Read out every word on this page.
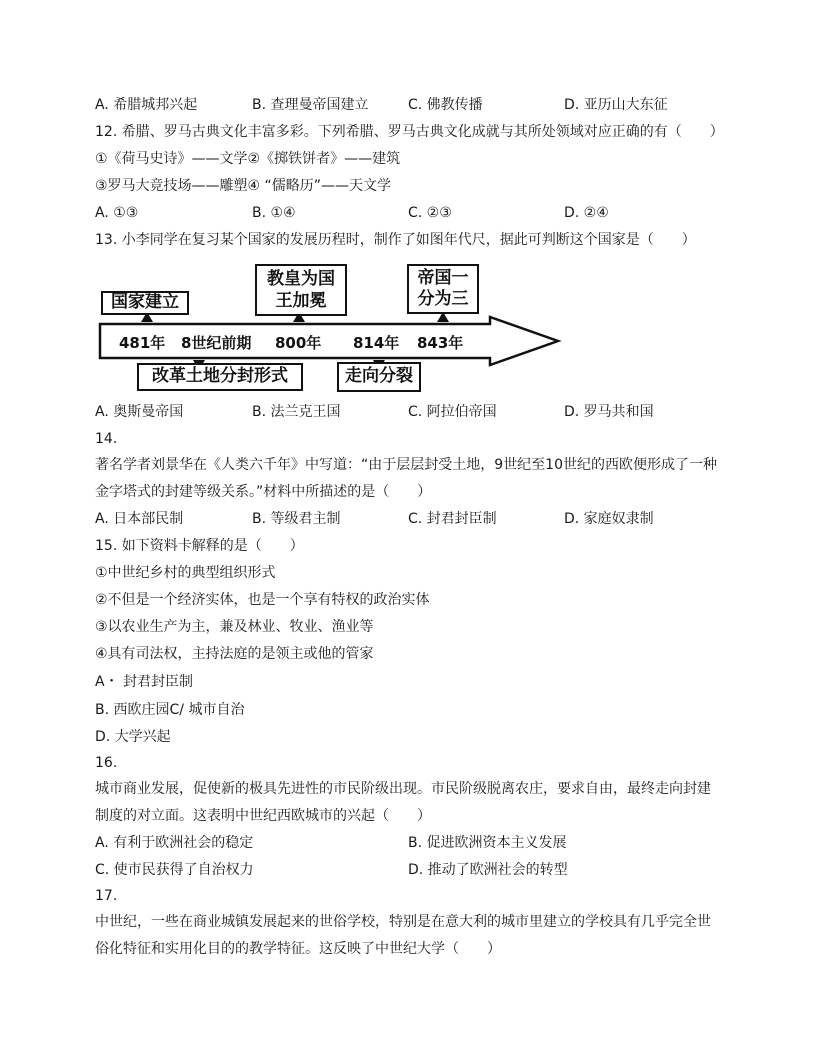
A. 希腊城邦兴起	B. 查理曼帝国建立	C. 佛教传播	D. 亚历山大东征
12. 希腊、罗马古典文化丰富多彩。下列希腊、罗马古典文化成就与其所处领域对应正确的有（　　）
①《荷马史诗》——文学②《掷铁饼者》——建筑
③罗马大竞技场——雕塑④ “儒略历”——天文学
A. ①③	B. ①④	C. ②③	D. ②④
13. 小李同学在复习某个国家的发展历程时，制作了如图年代尺，据此可判断这个国家是（　　）
国家建立
教皇为国王加冕
帝国一分为三
改革土地分封形式	走向分裂
481年 8世纪前期 800年 814年 843年
A. 奥斯曼帝国	B. 法兰克王国	C. 阿拉伯帝国	D. 罗马共和国
14.
著名学者刘景华在《人类六千年》中写道：“由于层层封受土地，9世纪至10世纪的西欧便形成了一种
金字塔式的封建等级关系。”材料中所描述的是（　　）
A. 日本部民制	B. 等级君主制	C. 封君封臣制	D. 家庭奴隶制
15. 如下资料卡解释的是（　　）
①中世纪乡村的典型组织形式
②不但是一个经济实体，也是一个享有特权的政治实体
③以农业生产为主，兼及林业、牧业、渔业等
④具有司法权，主持法庭的是领主或他的管家
A・ 封君封臣制
B. 西欧庄园C/ 城市自治
D. 大学兴起
16.
城市商业发展，促使新的极具先进性的市民阶级出现。市民阶级脱离农庄，要求自由，最终走向封建
制度的对立面。这表明中世纪西欧城市的兴起（　　）
A. 有利于欧洲社会的稳定	B. 促进欧洲资本主义发展
C. 使市民获得了自治权力	D. 推动了欧洲社会的转型
17.
中世纪，一些在商业城镇发展起来的世俗学校，特别是在意大利的城市里建立的学校具有几乎完全世
俗化特征和实用化目的的教学特征。这反映了中世纪大学（　　）
